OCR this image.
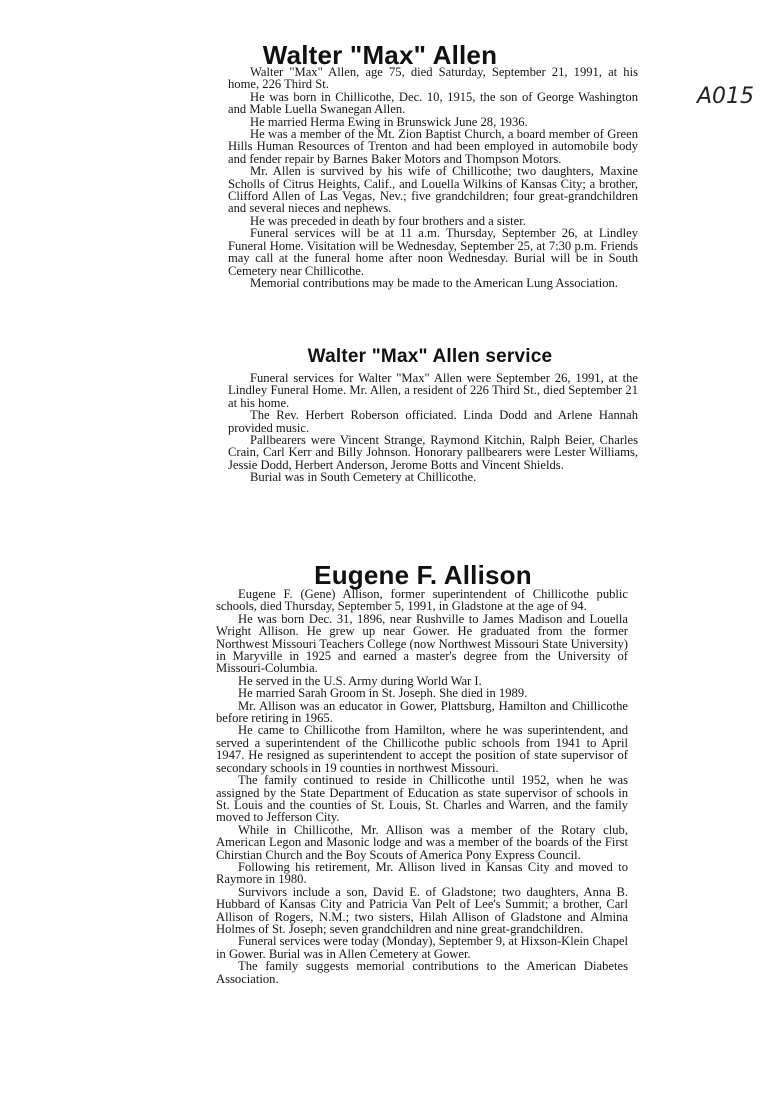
A015
Walter "Max" Allen

Walter "Max" Allen, age 75, died Saturday, September 21, 1991, at his home, 226 Third St.

He was born in Chillicothe, Dec. 10, 1915, the son of George Washington and Mable Luella Swanegan Allen.

He married Herma Ewing in Brunswick June 28, 1936.

He was a member of the Mt. Zion Baptist Church, a board member of Green Hills Human Resources of Trenton and had been employed in automobile body and fender repair by Barnes Baker Motors and Thompson Motors.

Mr. Allen is survived by his wife of Chillicothe; two daughters, Maxine Scholls of Citrus Heights, Calif., and Louella Wilkins of Kansas City; a brother, Clifford Allen of Las Vegas, Nev.; five grandchildren; four great-grandchildren and several nieces and nephews.

He was preceded in death by four brothers and a sister.

Funeral services will be at 11 a.m. Thursday, September 26, at Lindley Funeral Home. Visitation will be Wednesday, September 25, at 7:30 p.m. Friends may call at the funeral home after noon Wednesday. Burial will be in South Cemetery near Chillicothe.

Memorial contributions may be made to the American Lung Association.

Walter "Max" Allen service

Funeral services for Walter "Max" Allen were September 26, 1991, at the Lindley Funeral Home. Mr. Allen, a resident of 226 Third St., died September 21 at his home.

The Rev. Herbert Roberson officiated. Linda Dodd and Arlene Hannah provided music.

Pallbearers were Vincent Strange, Raymond Kitchin, Ralph Beier, Charles Crain, Carl Kerr and Billy Johnson. Honorary pallbearers were Lester Williams, Jessie Dodd, Herbert Anderson, Jerome Botts and Vincent Shields.

Burial was in South Cemetery at Chillicothe.

Eugene F. Allison

Eugene F. (Gene) Allison, former superintendent of Chillicothe public schools, died Thursday, September 5, 1991, in Gladstone at the age of 94.

He was born Dec. 31, 1896, near Rushville to James Madison and Louella Wright Allison. He grew up near Gower. He graduated from the former Northwest Missouri Teachers College (now Northwest Missouri State University) in Maryville in 1925 and earned a master's degree from the University of Missouri-Columbia.

He served in the U.S. Army during World War I.

He married Sarah Groom in St. Joseph. She died in 1989.

Mr. Allison was an educator in Gower, Plattsburg, Hamilton and Chillicothe before retiring in 1965.

He came to Chillicothe from Hamilton, where he was superintendent, and served a superintendent of the Chillicothe public schools from 1941 to April 1947. He resigned as superintendent to accept the position of state supervisor of secondary schools in 19 counties in northwest Missouri.

The family continued to reside in Chillicothe until 1952, when he was assigned by the State Department of Education as state supervisor of schools in St. Louis and the counties of St. Louis, St. Charles and Warren, and the family moved to Jefferson City.

While in Chillicothe, Mr. Allison was a member of the Rotary club, American Legon and Masonic lodge and was a member of the boards of the First Chirstian Church and the Boy Scouts of America Pony Express Council.

Following his retirement, Mr. Allison lived in Kansas City and moved to Raymore in 1980.

Survivors include a son, David E. of Gladstone; two daughters, Anna B. Hubbard of Kansas City and Patricia Van Pelt of Lee's Summit; a brother, Carl Allison of Rogers, N.M.; two sisters, Hilah Allison of Gladstone and Almina Holmes of St. Joseph; seven grandchildren and nine great-grandchildren.

Funeral services were today (Monday), September 9, at Hixson-Klein Chapel in Gower. Burial was in Allen Cemetery at Gower.

The family suggests memorial contributions to the American Diabetes Association.
